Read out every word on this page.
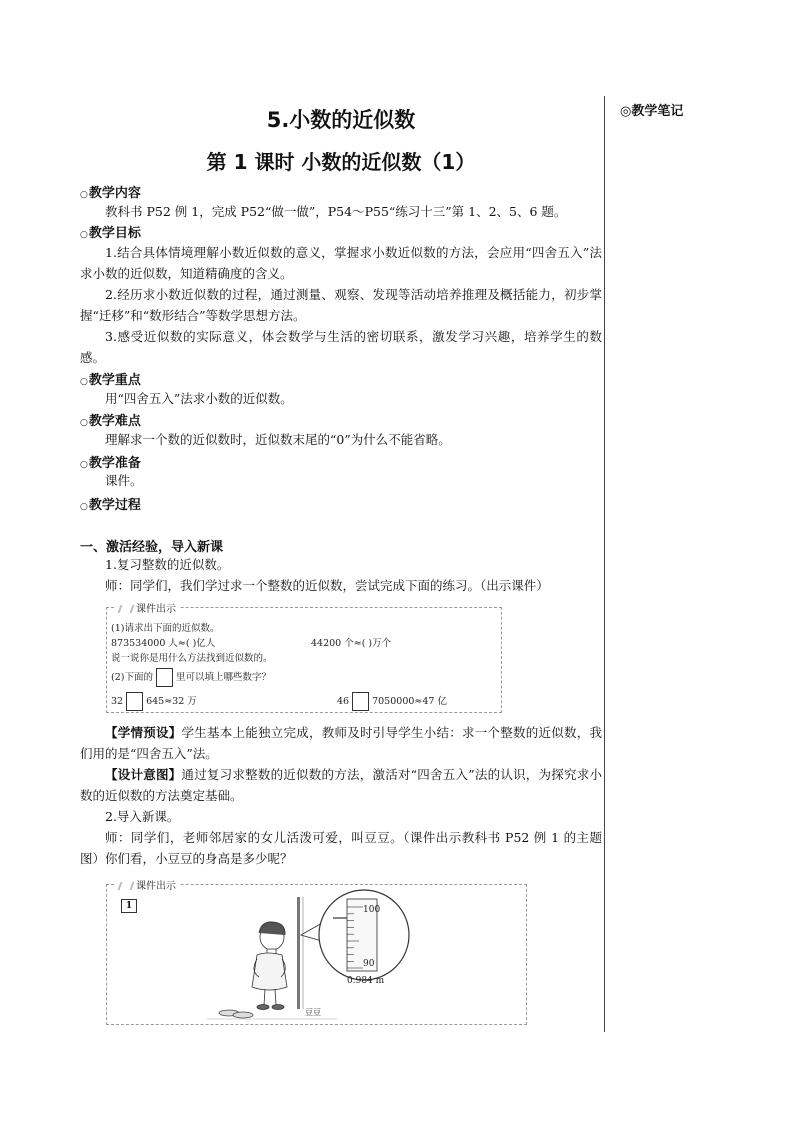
◎教学笔记
5.小数的近似数
第 1 课时 小数的近似数（1）
○教学内容
教科书 P52 例 1，完成 P52“做一做”，P54～P55“练习十三”第 1、2、5、6 题。
○教学目标
1.结合具体情境理解小数近似数的意义，掌握求小数近似数的方法，会应用“四舍五入”法求小数的近似数，知道精确度的含义。
2.经历求小数近似数的过程，通过测量、观察、发现等活动培养推理及概括能力，初步掌握“迁移”和“数形结合”等数学思想方法。
3.感受近似数的实际意义，体会数学与生活的密切联系，激发学习兴趣，培养学生的数感。
○教学重点
用“四舍五入”法求小数的近似数。
○教学难点
理解求一个数的近似数时，近似数末尾的“0”为什么不能省略。
○教学准备
课件。
○教学过程
一、激活经验，导入新课
1.复习整数的近似数。
师：同学们，我们学过求一个整数的近似数，尝试完成下面的练习。（出示课件）
课件出示
(1)请求出下面的近似数。
873534000 人≈( )亿人	44200 个≈( )万个
说一说你是用什么方法找到近似数的。
(2)下面的 里可以填上哪些数字？
32 645≈32 万	46 7050000≈47 亿
【学情预设】学生基本上能独立完成，教师及时引导学生小结：求一个整数的近似数，我们用的是“四舍五入”法。
【设计意图】通过复习求整数的近似数的方法，激活对“四舍五入”法的认识，为探究求小数的近似数的方法奠定基础。
2.导入新课。
师：同学们，老师邻居家的女儿活泼可爱，叫豆豆。（课件出示教科书 P52 例 1 的主题图）你们看，小豆豆的身高是多少呢？
课件出示
1	100
90
0.984 m
豆豆
